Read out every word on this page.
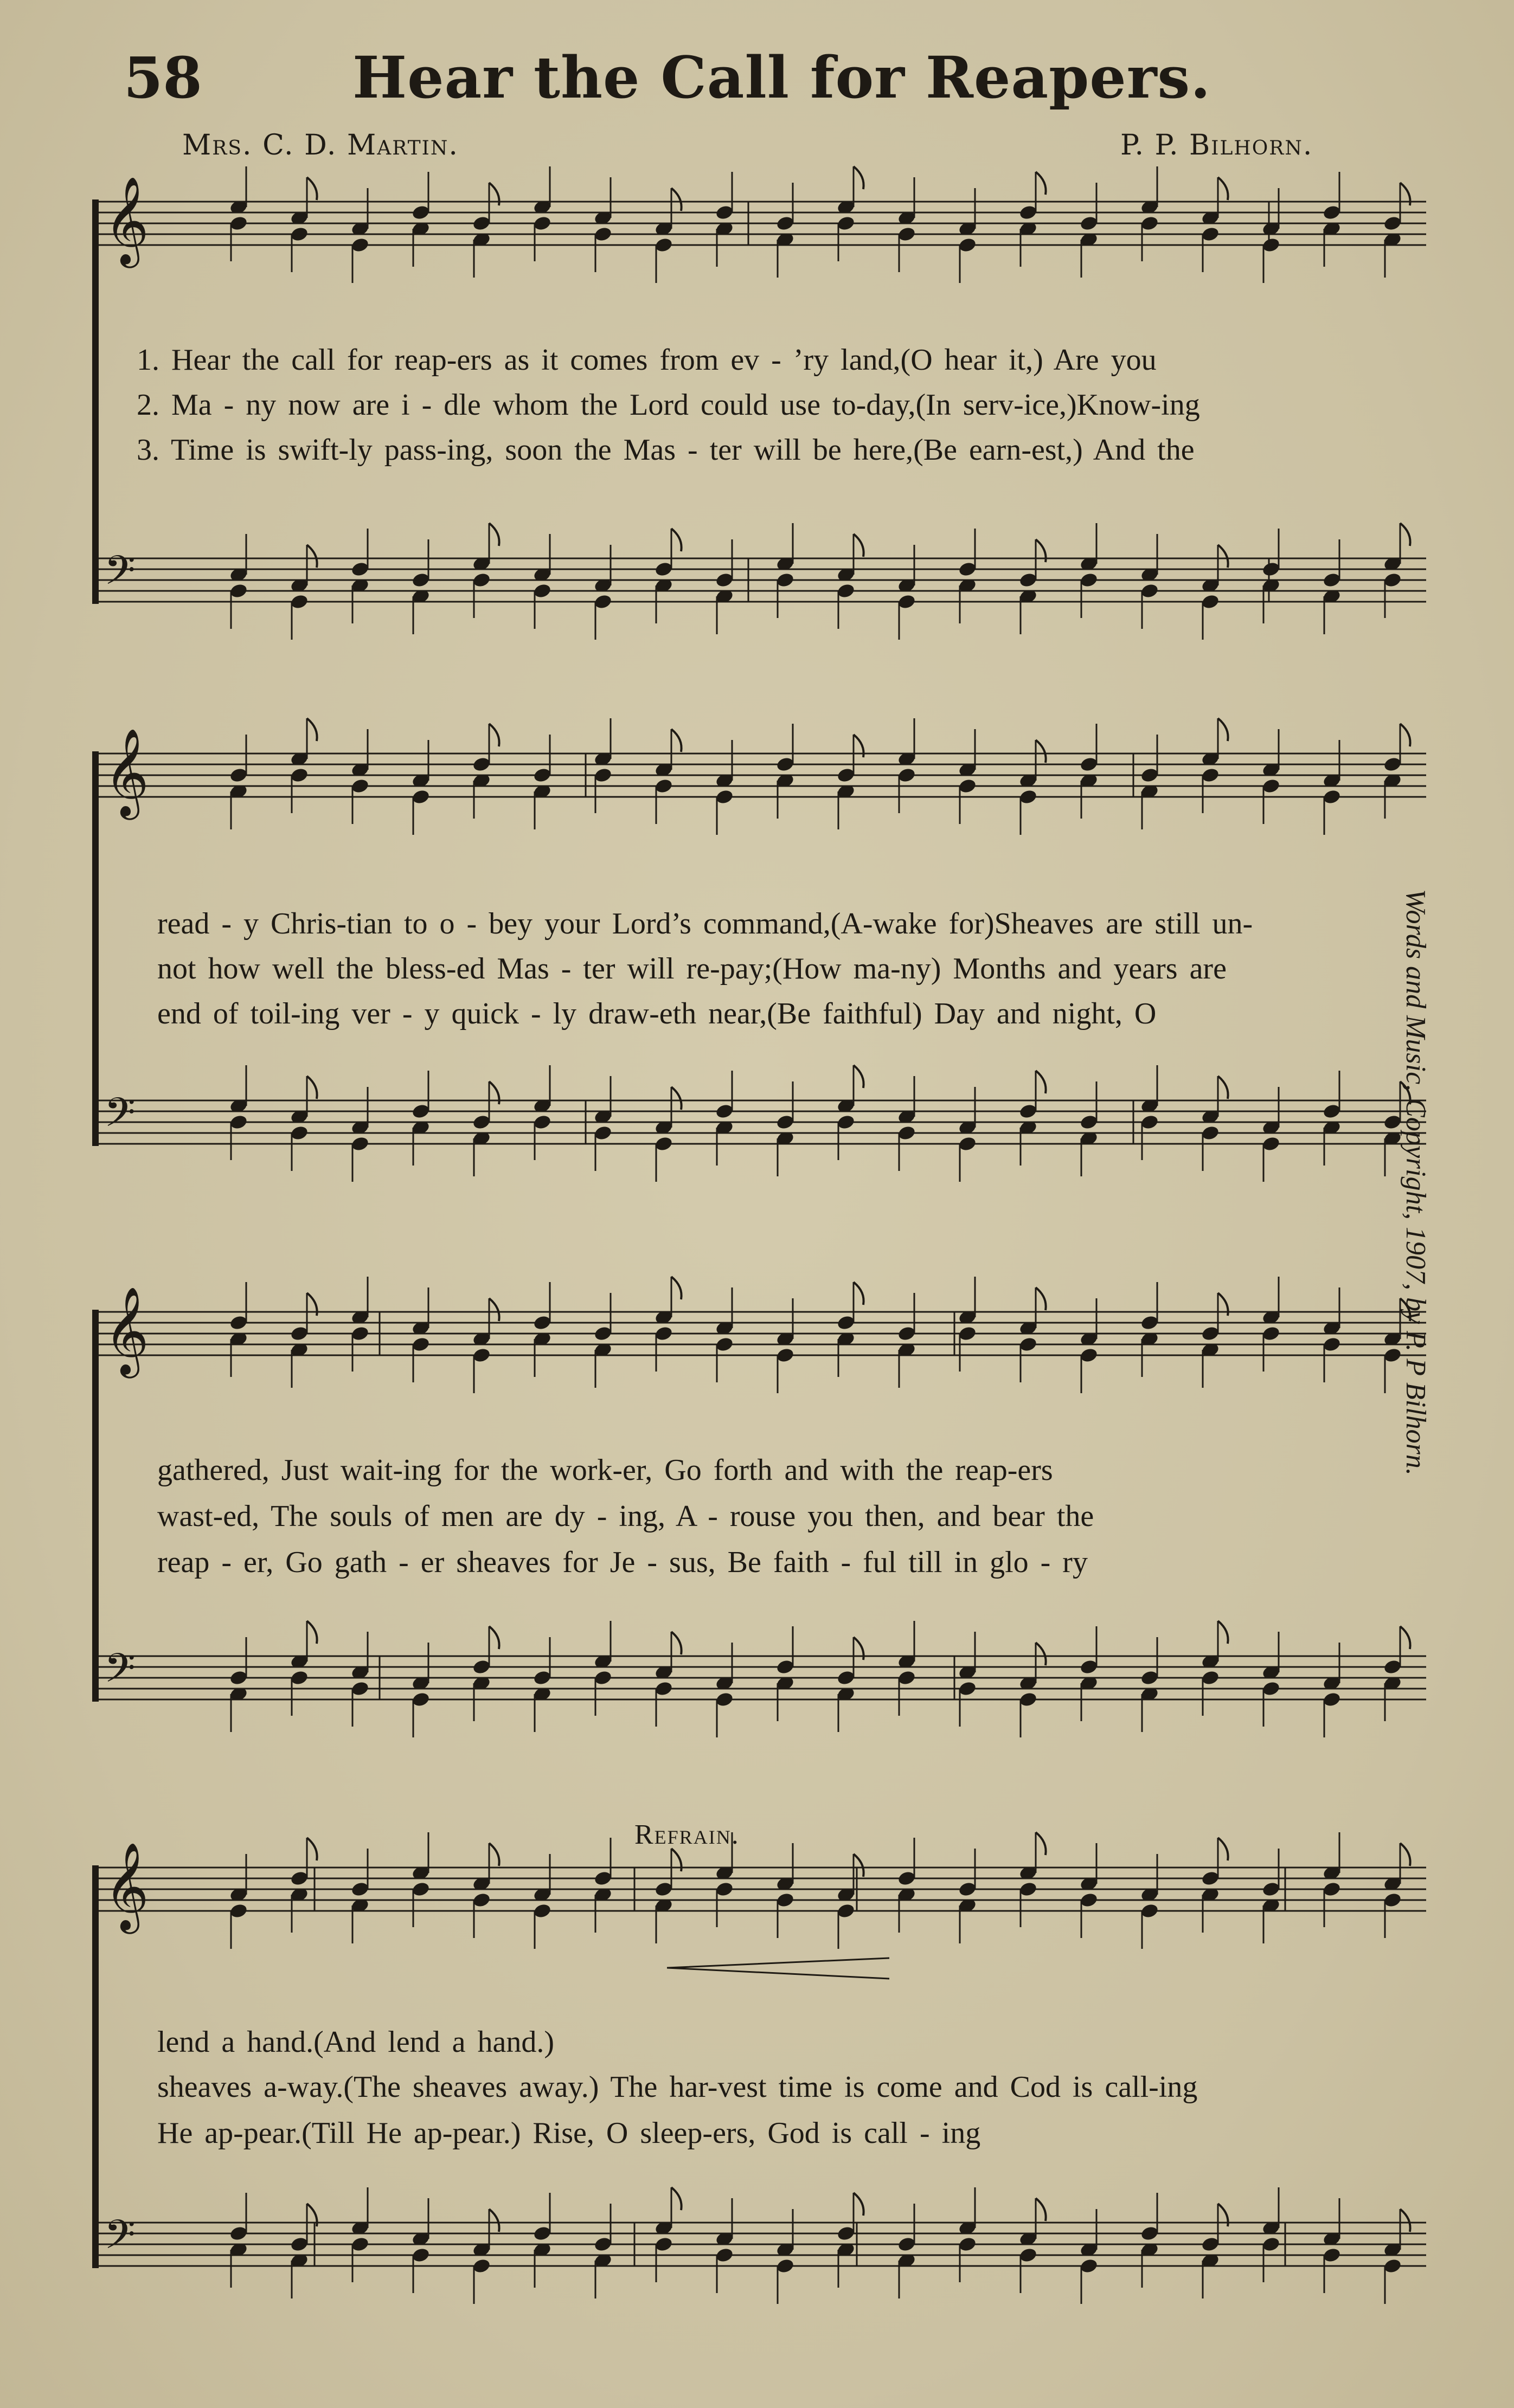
58	Hear the Call for Reapers.
Mrs. C. D. Martin.	P. P. Bilhorn.
𝄞
𝄢
𝄞
𝄢
𝄞
𝄢
𝄞
𝄢
1. Hear the call for reap-ers as it comes from ev - ’ry land,(O hear it,) Are you
2. Ma - ny now are i - dle whom the Lord could use to-day,(In serv-ice,)Know-ing
3. Time is swift-ly pass-ing, soon the Mas - ter will be here,(Be earn-est,) And the
read - y Chris-tian to o - bey your Lord’s command,(A-wake for)Sheaves are still un-
not how well the bless-ed Mas - ter will re-pay;(How ma-ny) Months and years are
end of toil-ing ver - y quick - ly draw-eth near,(Be faithful) Day and night, O
gathered, Just wait-ing for the work-er, Go forth and with the reap-ers
wast-ed, The souls of men are dy - ing, A - rouse you then, and bear the
reap - er, Go gath - er sheaves for Je - sus, Be faith - ful till in glo - ry
Refrain.
lend a hand.(And lend a hand.)
sheaves a-way.(The sheaves away.) The har-vest time is come and Cod is call-ing
He ap-pear.(Till He ap-pear.) Rise, O sleep-ers, God is call - ing
Words and Music, Copyright, 1907, by P. P Bilhorn.
